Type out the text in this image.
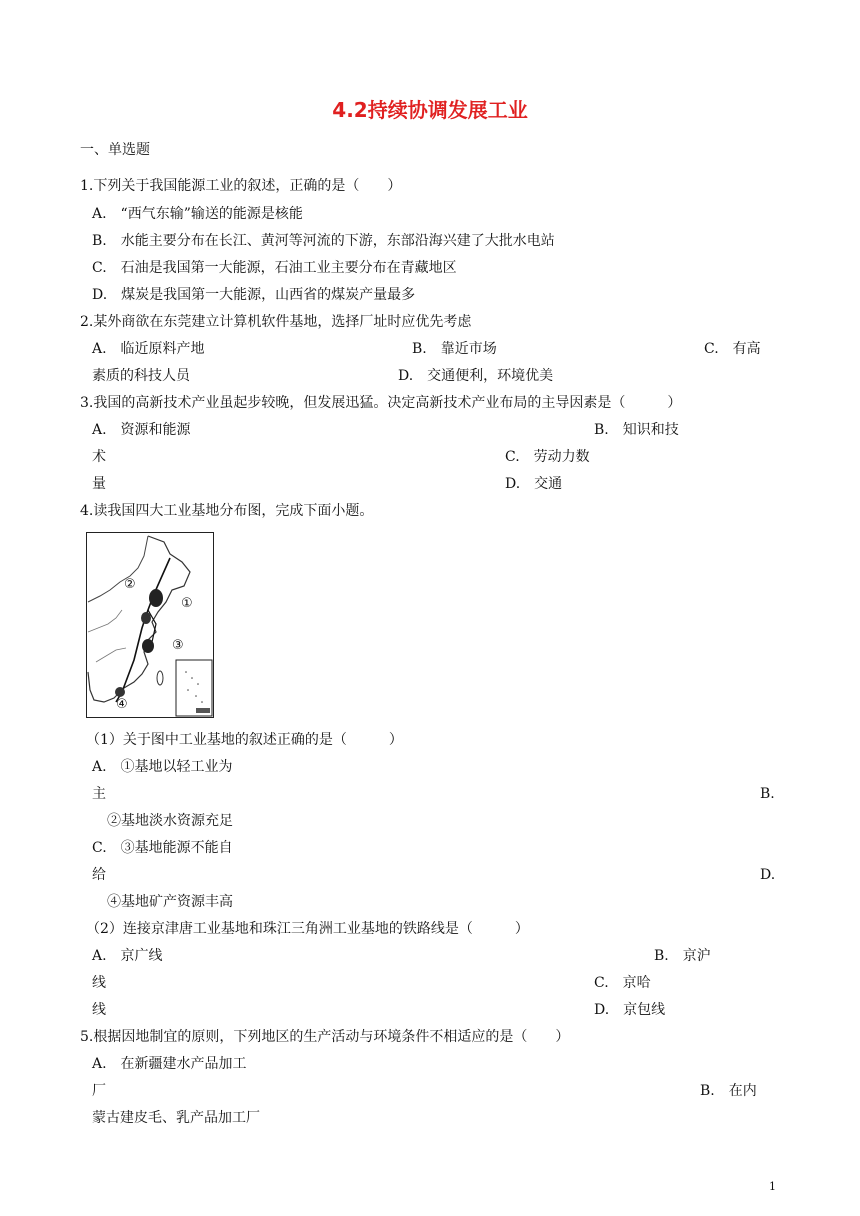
4.2持续协调发展工业
一、单选题
1.下列关于我国能源工业的叙述，正确的是（　　）
A.　“西气东输”输送的能源是核能
B.　水能主要分布在长江、黄河等河流的下游，东部沿海兴建了大批水电站
C.　石油是我国第一大能源，石油工业主要分布在青藏地区
D.　煤炭是我国第一大能源，山西省的煤炭产量最多
2.某外商欲在东莞建立计算机软件基地，选择厂址时应优先考虑
A.　临近原料产地	B.　靠近市场	C.　有高
素质的科技人员	D.　交通便利，环境优美
3.我国的高新技术产业虽起步较晚，但发展迅猛。决定高新技术产业布局的主导因素是（　　　）
A.　资源和能源	B.　知识和技
术	C.　劳动力数
量	D.　交通
4.读我国四大工业基地分布图，完成下面小题。
①
②
③
④
（1）关于图中工业基地的叙述正确的是（　　　）
A.　①基地以轻工业为
主	B.
②基地淡水资源充足
C.　③基地能源不能自
给	D.
④基地矿产资源丰高
（2）连接京津唐工业基地和珠江三角洲工业基地的铁路线是（　　　）
A.　京广线	B.　京沪
线	C.　京哈
线	D.　京包线
5.根据因地制宜的原则，下列地区的生产活动与环境条件不相适应的是（　　）
A.　在新疆建水产品加工
厂	B.　在内
蒙古建皮毛、乳产品加工厂
1
